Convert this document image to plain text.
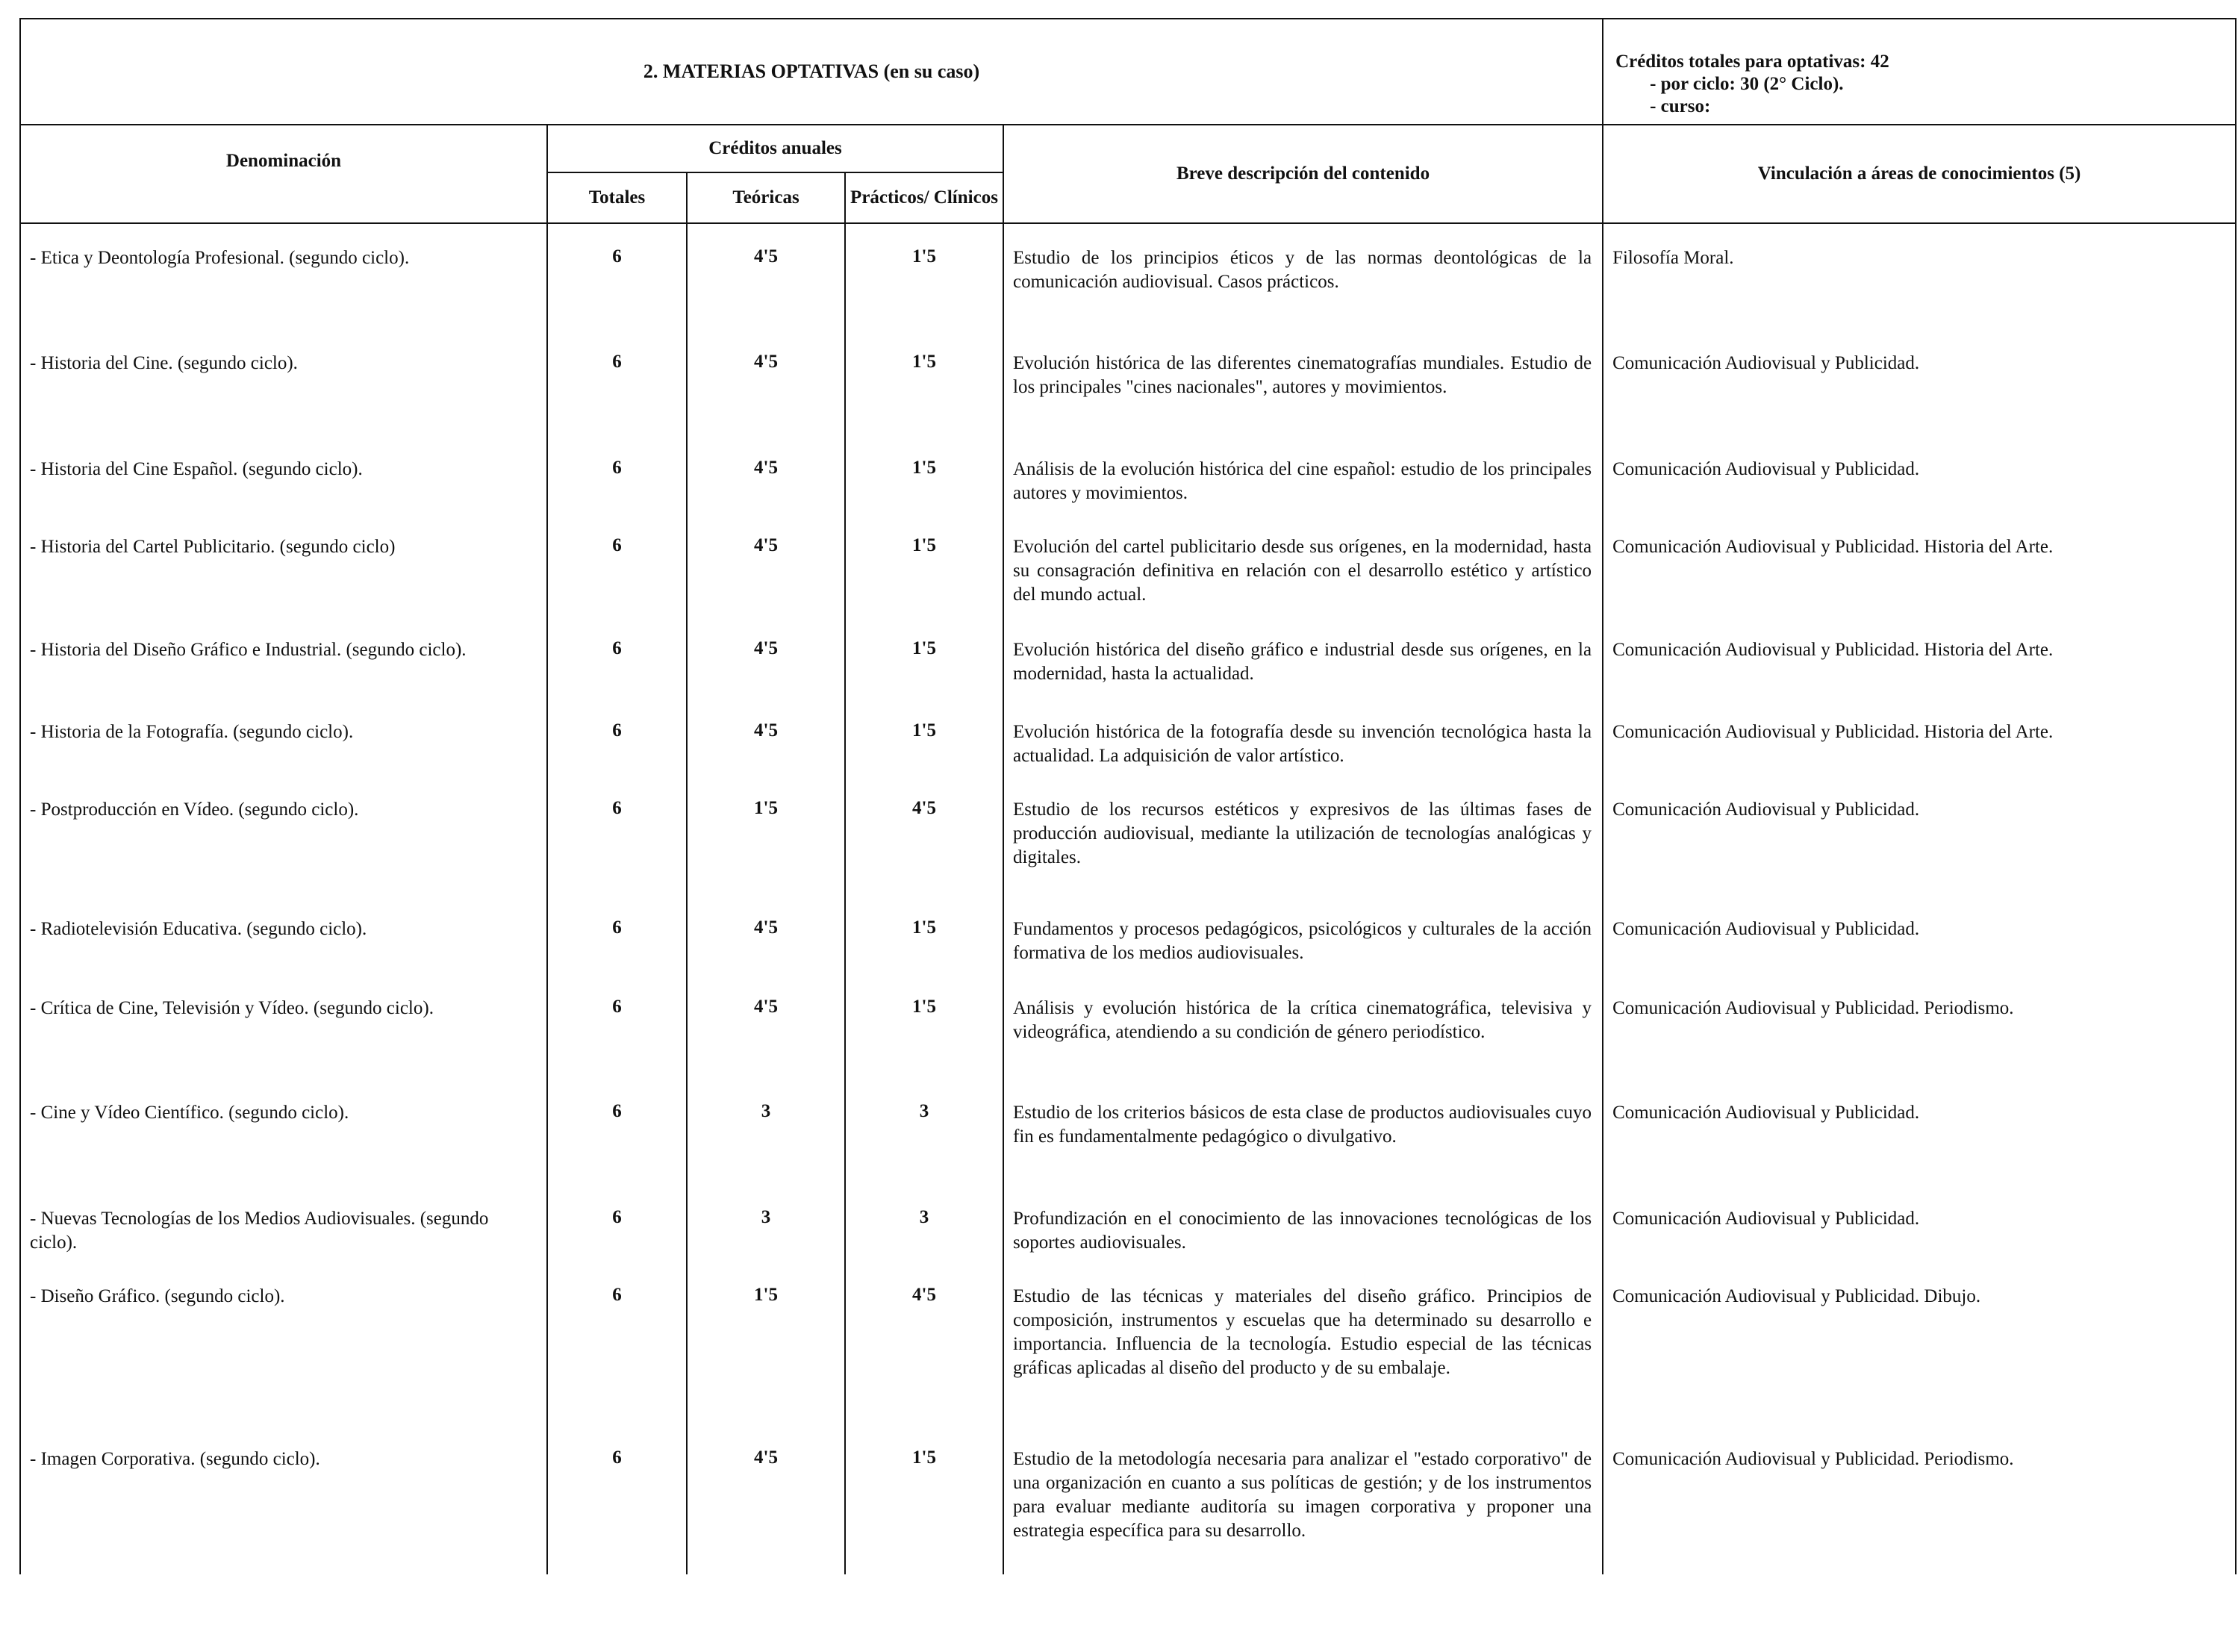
2. MATERIAS OPTATIVAS (en su caso)					Créditos totales para optativas: 42
- por ciclo: 30 (2° Ciclo).
- curso:

Denominación	Créditos anuales			Breve descripción del contenido	Vinculación a áreas de conocimientos (5)
	Totales	Teóricas	Prácticos/ Clínicos		
- Etica y Deontología Profesional. (segundo ciclo).	6	4'5	1'5	Estudio de los principios éticos y de las normas deontológicas de la comunicación audiovisual. Casos prácticos.	Filosofía Moral.
- Historia del Cine. (segundo ciclo).	6	4'5	1'5	Evolución histórica de las diferentes cinematografías mundiales. Estudio de los principales "cines nacionales", autores y movimientos.	Comunicación Audiovisual y Publicidad.
- Historia del Cine Español. (segundo ciclo).	6	4'5	1'5	Análisis de la evolución histórica del cine español: estudio de los principales autores y movimientos.	Comunicación Audiovisual y Publicidad.
- Historia del Cartel Publicitario. (segundo ciclo)	6	4'5	1'5	Evolución del cartel publicitario desde sus orígenes, en la modernidad, hasta su consagración definitiva en relación con el desarrollo estético y artístico del mundo actual.	Comunicación Audiovisual y Publicidad. Historia del Arte.
- Historia del Diseño Gráfico e Industrial. (segundo ciclo).	6	4'5	1'5	Evolución histórica del diseño gráfico e industrial desde sus orígenes, en la modernidad, hasta la actualidad.	Comunicación Audiovisual y Publicidad. Historia del Arte.
- Historia de la Fotografía. (segundo ciclo).	6	4'5	1'5	Evolución histórica de la fotografía desde su invención tecnológica hasta la actualidad. La adquisición de valor artístico.	Comunicación Audiovisual y Publicidad. Historia del Arte.
- Postproducción en Vídeo. (segundo ciclo).	6	1'5	4'5	Estudio de los recursos estéticos y expresivos de las últimas fases de producción audiovisual, mediante la utilización de tecnologías analógicas y digitales.	Comunicación Audiovisual y Publicidad.
- Radiotelevisión Educativa. (segundo ciclo).	6	4'5	1'5	Fundamentos y procesos pedagógicos, psicológicos y culturales de la acción formativa de los medios audiovisuales.	Comunicación Audiovisual y Publicidad.
- Crítica de Cine, Televisión y Vídeo. (segundo ciclo).	6	4'5	1'5	Análisis y evolución histórica de la crítica cinematográfica, televisiva y videográfica, atendiendo a su condición de género periodístico.	Comunicación Audiovisual y Publicidad. Periodismo.
- Cine y Vídeo Científico. (segundo ciclo).	6	3	3	Estudio de los criterios básicos de esta clase de productos audiovisuales cuyo fin es fundamentalmente pedagógico o divulgativo.	Comunicación Audiovisual y Publicidad.
- Nuevas Tecnologías de los Medios Audiovisuales. (segundo ciclo).	6	3	3	Profundización en el conocimiento de las innovaciones tecnológicas de los soportes audiovisuales.	Comunicación Audiovisual y Publicidad.
- Diseño Gráfico. (segundo ciclo).	6	1'5	4'5	Estudio de las técnicas y materiales del diseño gráfico. Principios de composición, instrumentos y escuelas que ha determinado su desarrollo e importancia. Influencia de la tecnología. Estudio especial de las técnicas gráficas aplicadas al diseño del producto y de su embalaje.	Comunicación Audiovisual y Publicidad. Dibujo.
- Imagen Corporativa. (segundo ciclo).	6	4'5	1'5	Estudio de la metodología necesaria para analizar el "estado corporativo" de una organización en cuanto a sus políticas de gestión; y de los instrumentos para evaluar mediante auditoría su imagen corporativa y proponer una estrategia específica para su desarrollo.	Comunicación Audiovisual y Publicidad. Periodismo.
